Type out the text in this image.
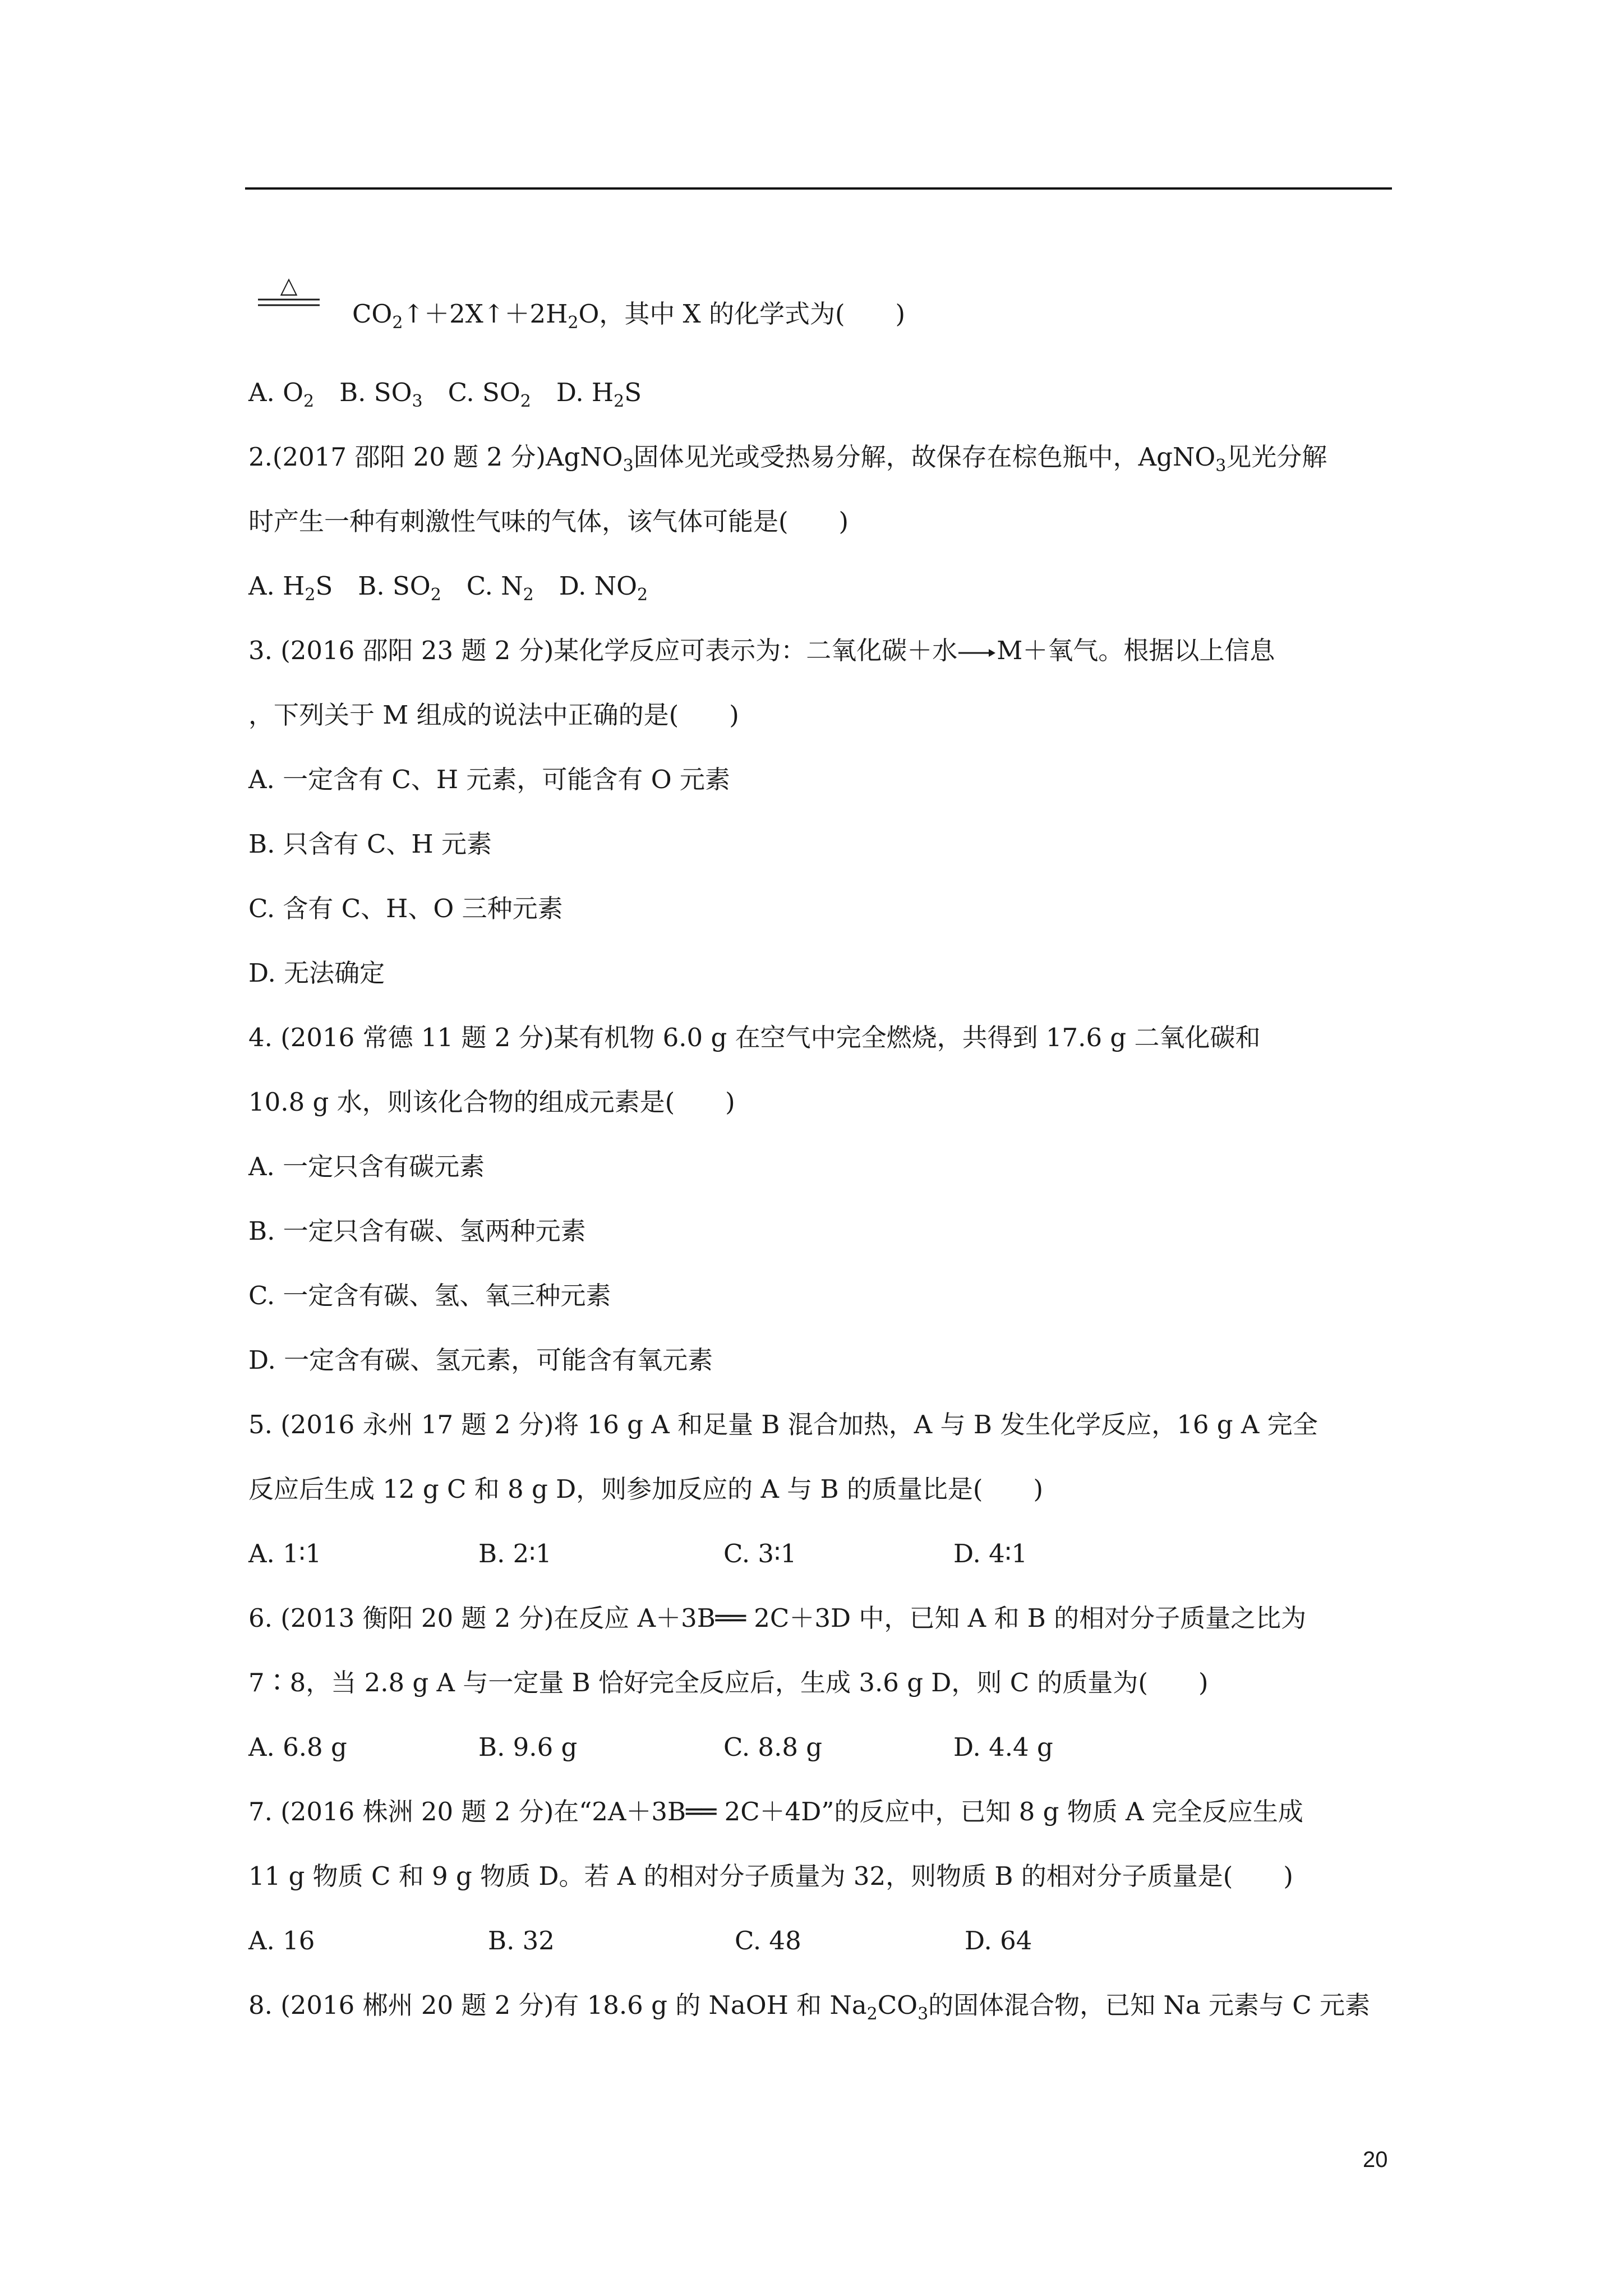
△
$CO_2↑+2X↑+2H_2O$，其中 X 的化学式为(　　)
A. $O_2$　B. $SO_3$　C. $SO_2$　D. $H_2S$
2.(2017 邵阳 20 题 2 分)AgNO$_3$固体见光或受热易分解，故保存在棕色瓶中，AgNO$_3$见光分解
时产生一种有刺激性气味的气体，该气体可能是(　　)
A. $H_2S$　B. $SO_2$　C. $N_2$　D. $NO_2$
3. (2016 邵阳 23 题 2 分)某化学反应可表示为：二氧化碳＋水→M＋氧气。根据以上信息
，下列关于 M 组成的说法中正确的是(　　)
A. 一定含有 C、H 元素，可能含有 O 元素
B. 只含有 C、H 元素
C. 含有 C、H、O 三种元素
D. 无法确定
4. (2016 常德 11 题 2 分)某有机物 6.0 g 在空气中完全燃烧，共得到 17.6 g 二氧化碳和
10.8 g 水，则该化合物的组成元素是(　　)
A. 一定只含有碳元素
B. 一定只含有碳、氢两种元素
C. 一定含有碳、氢、氧三种元素
D. 一定含有碳、氢元素，可能含有氧元素
5. (2016 永州 17 题 2 分)将 16 g A 和足量 B 混合加热，A 与 B 发生化学反应，16 g A 完全
反应后生成 12 g C 和 8 g D，则参加反应的 A 与 B 的质量比是(　　)
A. 1∶1	B. 2∶1	C. 3∶1	D. 4∶1
6. (2013 衡阳 20 题 2 分)在反应 A＋3B══ 2C＋3D 中，已知 A 和 B 的相对分子质量之比为
7∶8，当 2.8 g A 与一定量 B 恰好完全反应后，生成 3.6 g D，则 C 的质量为(　　)
A. 6.8 g	B. 9.6 g	C. 8.8 g	D. 4.4 g
7. (2016 株洲 20 题 2 分)在“2A＋3B══ 2C＋4D”的反应中，已知 8 g 物质 A 完全反应生成
11 g 物质 C 和 9 g 物质 D。若 A 的相对分子质量为 32，则物质 B 的相对分子质量是(　　)
A. 16	B. 32	C. 48	D. 64
8. (2016 郴州 20 题 2 分)有 18.6 g 的 NaOH 和 $Na_2CO_3$的固体混合物，已知 Na 元素与 C 元素
20
